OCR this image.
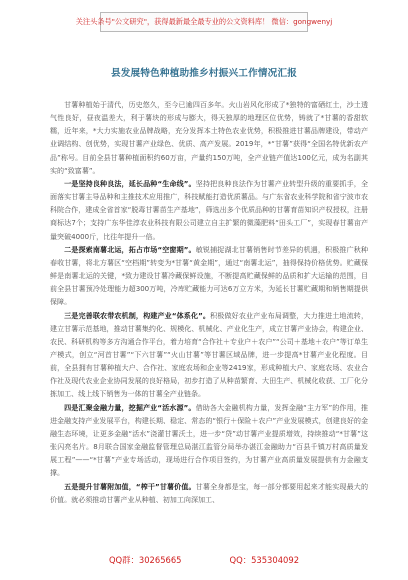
关注头条号"公文研究"，获得最新最全最专业的公文资料库！ 微信：gongwenyj
县发展特色种植助推乡村振兴工作情况汇报

甘薯种植始于清代，历史悠久，至今已逾四百多年。火山岩风化形成了*独特的富硒红土，沙土透气性良好，昼夜温差大，利于薯块的形成与膨大，得天独厚的地理区位优势，铸就了*甘薯的香甜软糯，近年来，*大力实施农业品牌战略，充分发挥本土特色农业优势，积极推进甘薯品牌建设，带动产业调结构、创优势，实现甘薯产业绿色、优质、高产发展。2019年，*“甘薯”获得“全国名特优新农产品”称号。目前全县甘薯种植面积约60万亩，产量约150万吨，全产业链产值达100亿元，成为名副其实的“致富薯”。

一是坚持良种良法，延长品种“生命线”。坚持把良种良法作为甘薯产业转型升级的重要抓手，全面落实甘薯主导品种和主推技术应用推广，科技赋能打造优质薯品。与广东省农业科学院和省宁波市农科院合作，建成全省首家“脱毒甘薯苗生产基地”，筛选出多个优质品种的甘薯育苗知识产权授权，注册商标达7个；支持广东华佳淳农业科技有限公司建立自主扩繁的微藻肥料“田头工厂”，实现春甘薯亩产量突破4000斤，比往年提升一倍。

二是探索南薯北运，拓占市场“空窗期”。敏锐捕捉湖北甘薯销售时节差异的机遇，积极推广秋种春收甘薯，将北方薯区“空档期”转变为*甘薯“黄金期”，通过“南薯北运”，抽得保持价格优势。贮藏保鲜是南薯北运的关键，*致力建设甘薯冷藏保鲜设施，不断提高贮藏保鲜的品质和扩大运输的范围，目前全县甘薯预冷处理能力超300万吨，冷库贮藏能力可达6万立方米，为延长甘薯贮藏期和销售期提供保障。

三是完善联农带农机制，构建产业“体系化”。积极做好农业产业布局调整，大力推进土地流转，建立甘薯示范基地，推动甘薯集约化、规模化、机械化、产业化生产，成立甘薯产业协会，构建企业、农民、科研机构等多方沟通合作平台，着力培育“合作社＋专业户＋农户”“公司＋基地＋农户”等订单生产模式，创立“河首甘薯”“下六甘薯”“火山甘薯”等甘薯区域品牌，进一步提高*甘薯产业化程度。目前，全县拥有甘薯种植大户、合作社、家庭农场和企业等2419家，形成种植大户、家庭农场、农业合作社及现代农业企业协同发展的良好格局，初步打造了从种苗繁育、大田生产、机械化收获、工厂化分拣加工、线上线下销售为一体的甘薯全产业链条。

四是汇聚金融力量，挖掘产业“活水源”。借助各大金融机构力量，发挥金融“主力军”的作用，推进金融支持产业发展平台，构建长期、稳定、常态的“银行＋保险＋农户”产业发展模式，创建良好的金融生态环境，让更多金融“活水”浇灌甘薯沃土，进一步“贷”动甘薯产业提质增效，持续推动“*甘薯”这张闪亮名片。8月联合国家金融监督管理总局湛江监管分局举办湛江金融助力“百县千镇万村高质量发展工程”——“*甘薯”产业专场活动，现场进行合作项目签约，为甘薯产业高质量发展提供有力金融支撑。

五是提升甘薯附加值，“榨干”甘薯价值。甘薯全身都是宝，每一部分都要用起来才能实现最大的价值。就必须推动甘薯产业从种植、初加工向深加工、

QQ群：30265665	QQ：535304092
